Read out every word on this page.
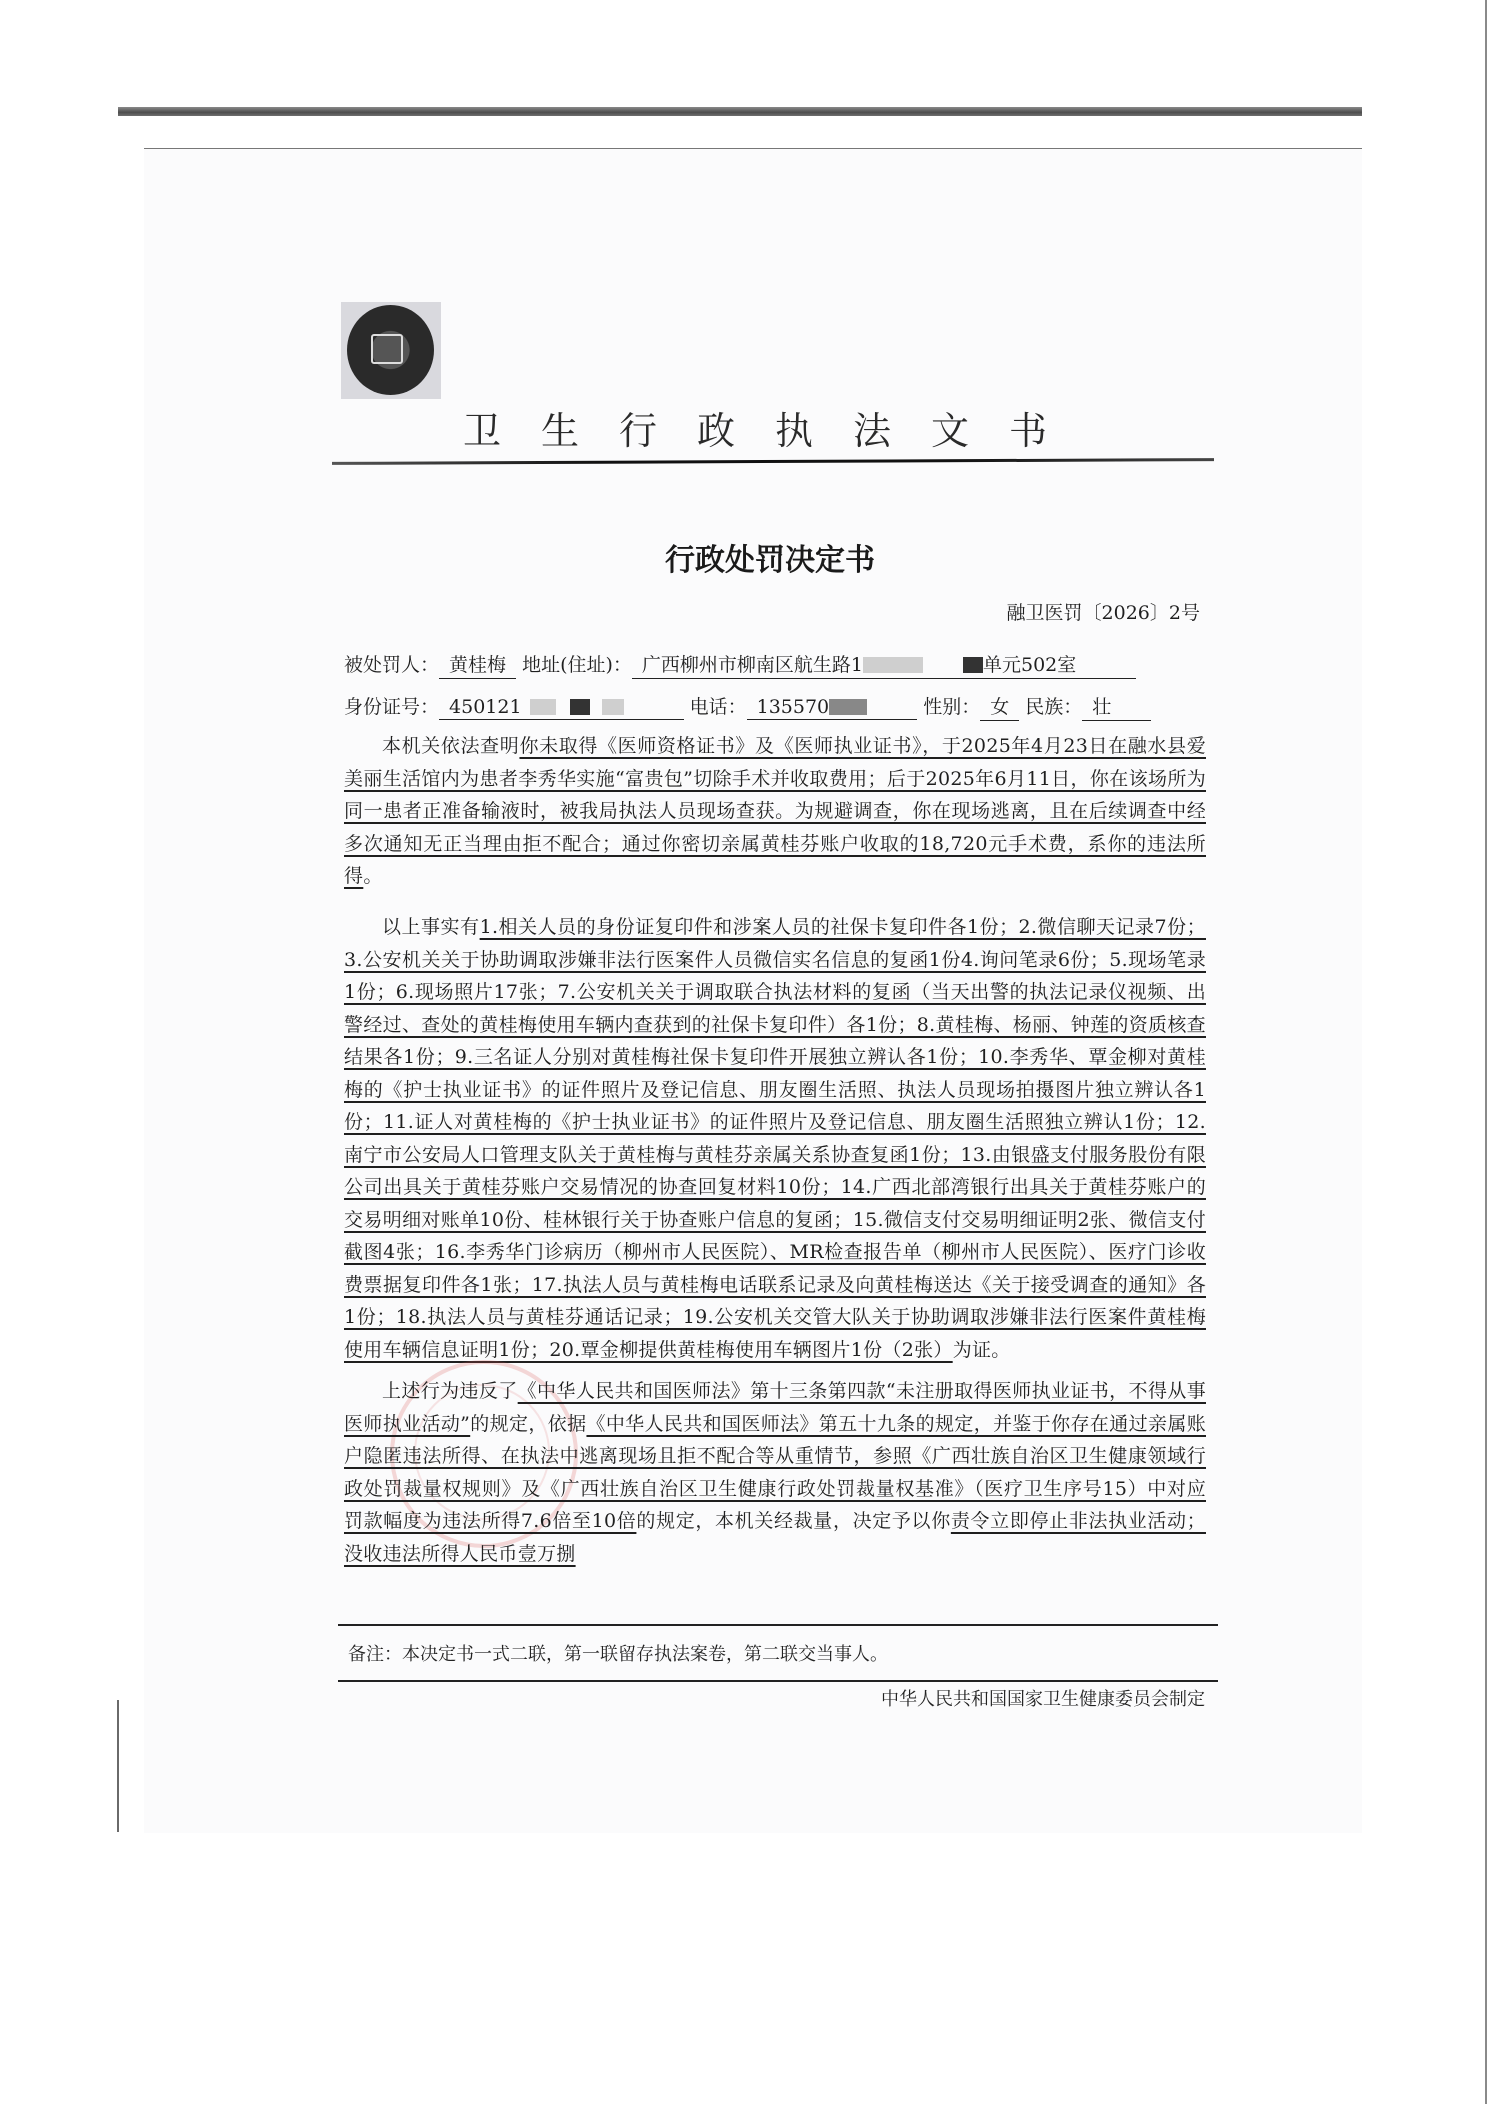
卫生行政执法文书
行政处罚决定书
融卫医罚〔2026〕2号
被处罚人： 黄桂梅 地址(住址)： 广西柳州市柳南区航生路1	单元502室
身份证号： 450121	电话： 135570	性别： 女 民族： 壮

本机关依法查明你未取得《医师资格证书》及《医师执业证书》，于2025年4月23日在融水县爱美丽生活馆内为患者李秀华实施“富贵包”切除手术并收取费用；后于2025年6月11日，你在该场所为同一患者正准备输液时，被我局执法人员现场查获。为规避调查，你在现场逃离，且在后续调查中经多次通知无正当理由拒不配合；通过你密切亲属黄桂芬账户收取的18,720元手术费，系你的违法所得。

以上事实有1.相关人员的身份证复印件和涉案人员的社保卡复印件各1份；2.微信聊天记录7份；3.公安机关关于协助调取涉嫌非法行医案件人员微信实名信息的复函1份4.询问笔录6份；5.现场笔录1份；6.现场照片17张；7.公安机关关于调取联合执法材料的复函（当天出警的执法记录仪视频、出警经过、查处的黄桂梅使用车辆内查获到的社保卡复印件）各1份；8.黄桂梅、杨丽、钟莲的资质核查结果各1份；9.三名证人分别对黄桂梅社保卡复印件开展独立辨认各1份；10.李秀华、覃金柳对黄桂梅的《护士执业证书》的证件照片及登记信息、朋友圈生活照、执法人员现场拍摄图片独立辨认各1份；11.证人对黄桂梅的《护士执业证书》的证件照片及登记信息、朋友圈生活照独立辨认1份；12.南宁市公安局人口管理支队关于黄桂梅与黄桂芬亲属关系协查复函1份；13.由银盛支付服务股份有限公司出具关于黄桂芬账户交易情况的协查回复材料10份；14.广西北部湾银行出具关于黄桂芬账户的交易明细对账单10份、桂林银行关于协查账户信息的复函；15.微信支付交易明细证明2张、微信支付截图4张；16.李秀华门诊病历（柳州市人民医院）、MR检查报告单（柳州市人民医院）、医疗门诊收费票据复印件各1张；17.执法人员与黄桂梅电话联系记录及向黄桂梅送达《关于接受调查的通知》各1份；18.执法人员与黄桂芬通话记录；19.公安机关交管大队关于协助调取涉嫌非法行医案件黄桂梅使用车辆信息证明1份；20.覃金柳提供黄桂梅使用车辆图片1份（2张）为证。

上述行为违反了《中华人民共和国医师法》第十三条第四款“未注册取得医师执业证书，不得从事医师执业活动”的规定，依据《中华人民共和国医师法》第五十九条的规定，并鉴于你存在通过亲属账户隐匿违法所得、在执法中逃离现场且拒不配合等从重情节，参照《广西壮族自治区卫生健康领域行政处罚裁量权规则》及《广西壮族自治区卫生健康行政处罚裁量权基准》（医疗卫生序号15）中对应罚款幅度为违法所得7.6倍至10倍的规定，本机关经裁量，决定予以你责令立即停止非法执业活动；没收违法所得人民币壹万捌

备注：本决定书一式二联，第一联留存执法案卷，第二联交当事人。
中华人民共和国国家卫生健康委员会制定
